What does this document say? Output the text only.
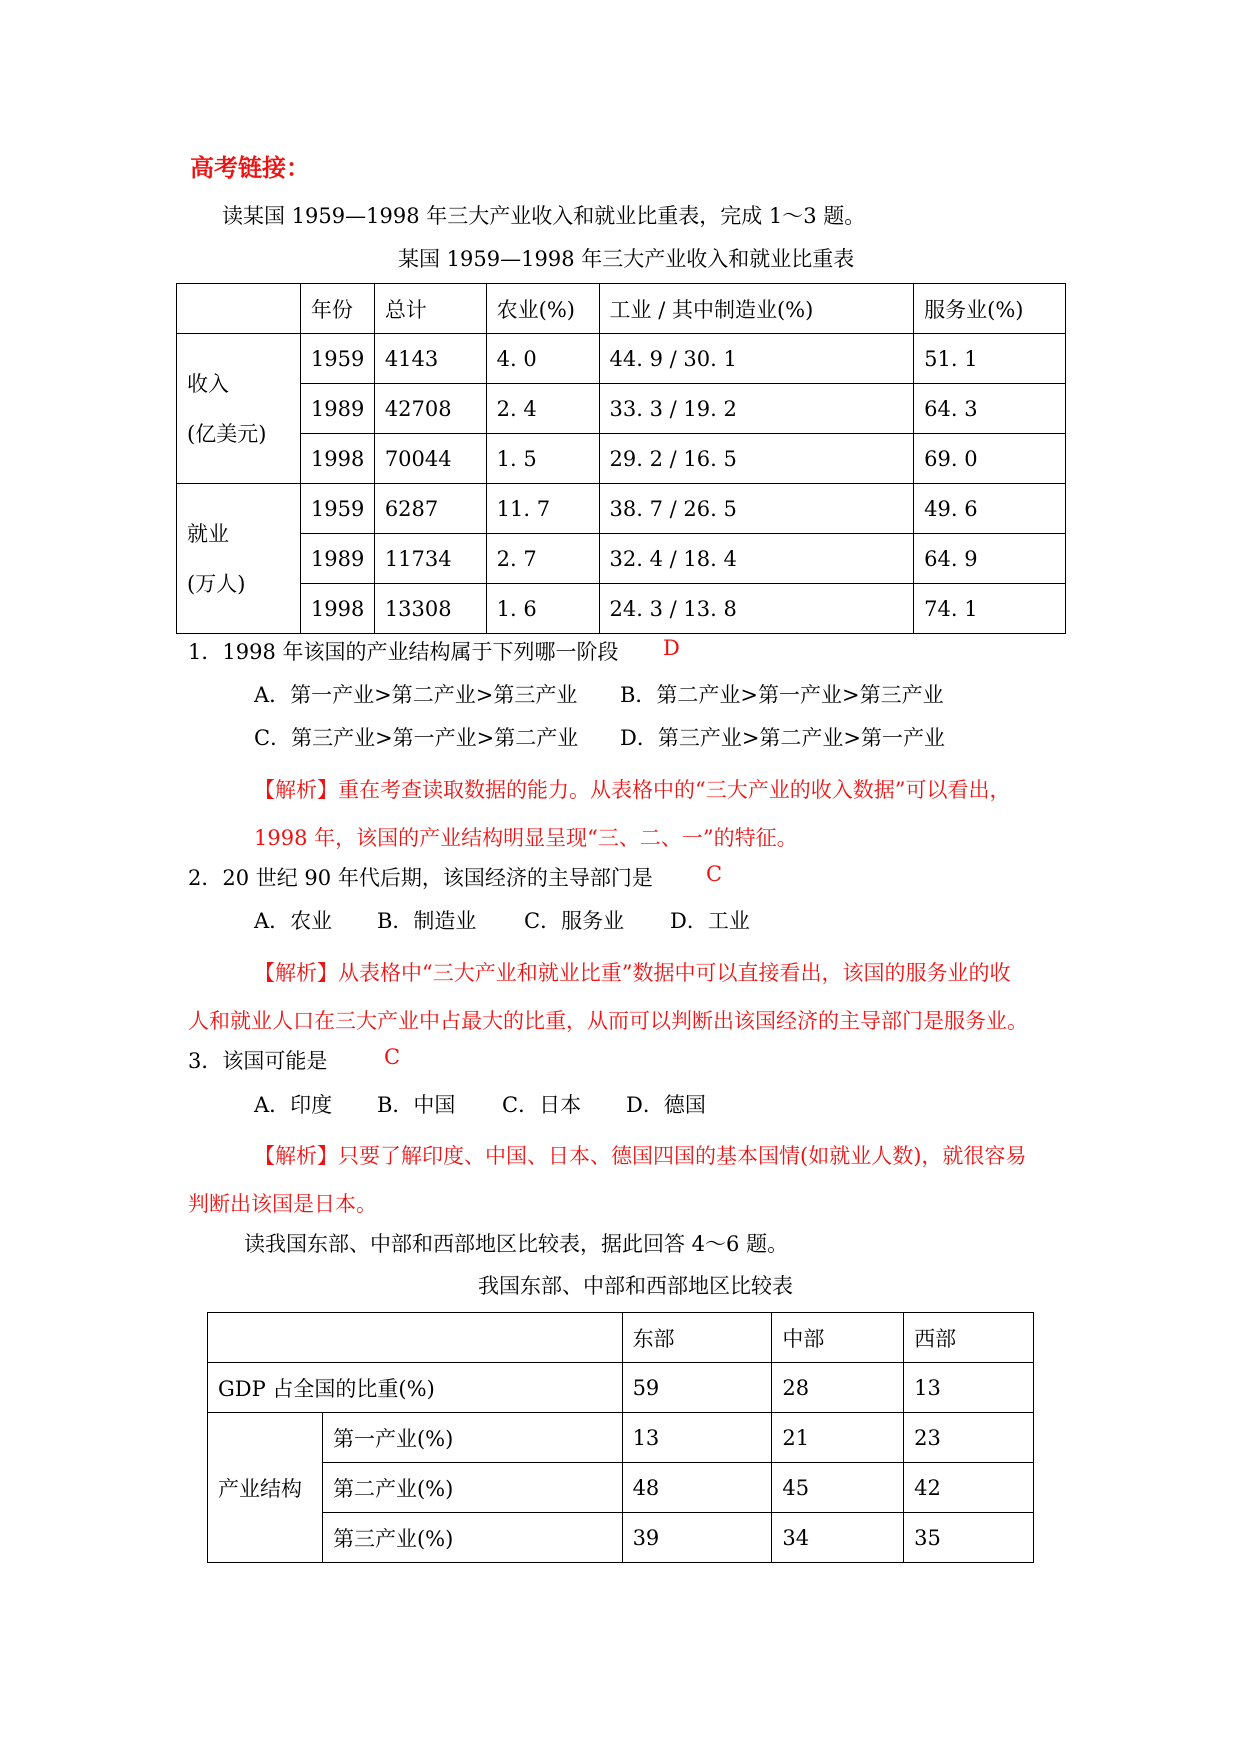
高考链接：
读某国 1959—1998 年三大产业收入和就业比重表，完成 1～3 题。
某国 1959—1998 年三大产业收入和就业比重表
	年份	总计	农业(%)	工业 / 其中制造业(%)	服务业(%)

收入
(亿美元)	1959	4143	4. 0	44. 9 / 30. 1	51. 1
	1989	42708	2. 4	33. 3 / 19. 2	64. 3
	1998	70044	1. 5	29. 2 / 16. 5	69. 0

就业
(万人)	1959	6287	11. 7	38. 7 / 26. 5	49. 6
	1989	11734	2. 7	32. 4 / 18. 4	64. 9
	1998	13308	1. 6	24. 3 / 13. 8	74. 1
1．1998 年该国的产业结构属于下列哪一阶段 D
A．第一产业>第二产业>第三产业 B．第二产业>第一产业>第三产业
C．第三产业>第一产业>第二产业 D．第三产业>第二产业>第一产业
【解析】重在考查读取数据的能力。从表格中的“三大产业的收入数据”可以看出，
1998 年，该国的产业结构明显呈现“三、二、一”的特征。
2．20 世纪 90 年代后期，该国经济的主导部门是	C
A．农业 B．制造业 C．服务业 D．工业
【解析】从表格中“三大产业和就业比重”数据中可以直接看出，该国的服务业的收
人和就业人口在三大产业中占最大的比重，从而可以判断出该国经济的主导部门是服务业。
3．该国可能是	C
A．印度 B．中国 C．日本 D．德国
【解析】只要了解印度、中国、日本、德国四国的基本国情(如就业人数)，就很容易
判断出该国是日本。
读我国东部、中部和西部地区比较表，据此回答 4～6 题。
我国东部、中部和西部地区比较表
		东部	中部	西部
GDP 占全国的比重(%)		59	28	13
产业结构	第一产业(%)	13	21	23
	第二产业(%)	48	45	42
	第三产业(%)	39	34	35
